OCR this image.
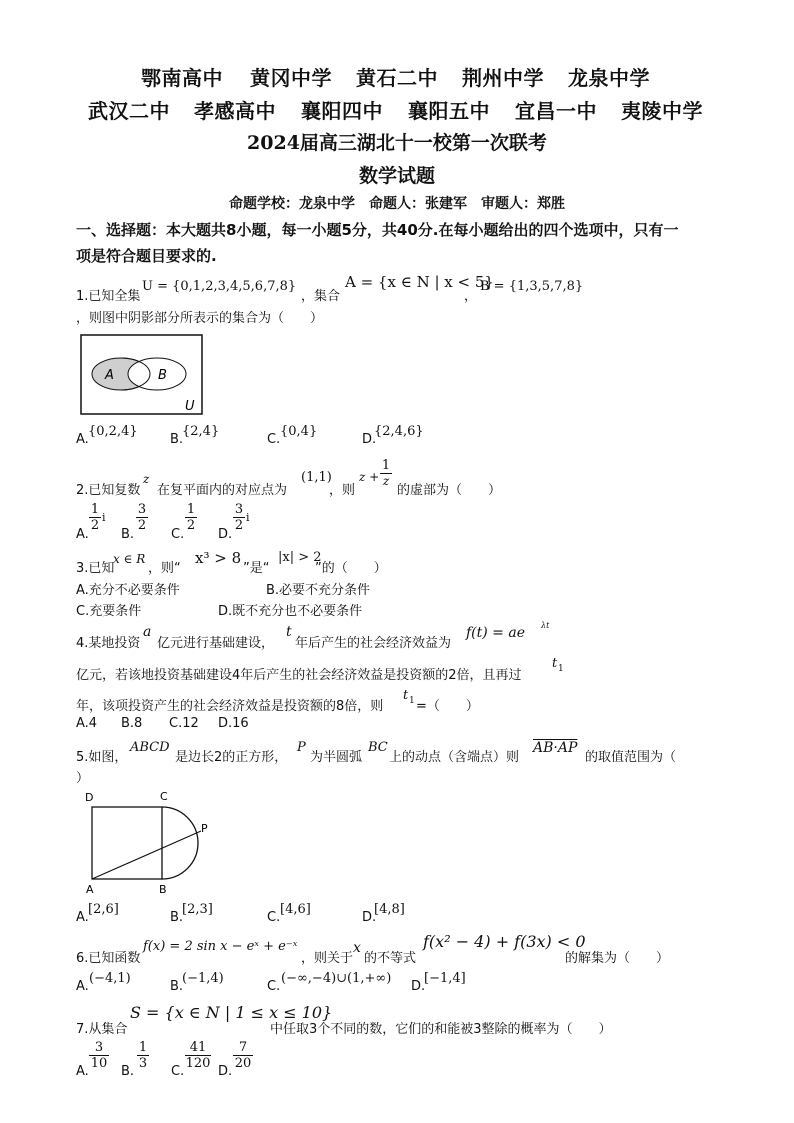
鄂南高中 黄冈中学 黄石二中 荆州中学 龙泉中学
武汉二中 孝感高中 襄阳四中 襄阳五中 宜昌一中 夷陵中学
2024届高三湖北十一校第一次联考
数学试题
命题学校：龙泉中学　命题人：张建军　审题人：郑胜
一、选择题：本大题共8小题，每一小题5分，共40分.在每小题给出的四个选项中，只有一
项是符合题目要求的.
1.已知全集
U = {0,1,2,3,4,5,6,7,8}
，集合
A = {x ∈ N | x < 5}
，
B = {1,3,5,7,8}
，则图中阴影部分所表示的集合为（　　）
A	B
U
A.
{0,2,4}
B.
{2,4}
C.
{0,4}
D.
{2,4,6}
2.已知复数
z
在复平面内的对应点为
(1,1)
，则
$z + \frac{1}{z}$
的虚部为（　　）
A.
$\frac{1}{2}$ i
B.
$\frac{3}{2}$
C.
$\frac{1}{2}$
D.
$\frac{3}{2}$ i
3.已知
x ∈ R
，则“
x³ > 8
”是“
|x| > 2
”的（　　）
A.充分不必要条件	B.必要不充分条件
C.充要条件	D.既不充分也不必要条件
4.某地投资
a
亿元进行基础建设，
t
年后产生的社会经济效益为
f(t) = ae λt
亿元，若该地投资基础建设4年后产生的社会经济效益是投资额的2倍，且再过
t 1
年，该项投资产生的社会经济效益是投资额的8倍，则
t 1 =（　　）
A.4 B.8 C.12 D.16
5.如图，
ABCD
是边长2的正方形，
P
为半圆弧
BC
上的动点（含端点）则
AB·AP
的取值范围为（
）
D	C
P
A	B
A.
[2,6]
B.
[2,3]
C.
[4,6]
D.
[4,8]
6.已知函数
f(x) = 2 sin x − eˣ + e⁻ˣ
，则关于
x
的不等式
f(x² − 4) + f(3x) < 0
的解集为（　　）
A.
(−4,1)
B.
(−1,4)
C.
(−∞,−4)∪(1,+∞)
D.
[−1,4]
7.从集合
S = {x ∈ N | 1 ≤ x ≤ 10}
中任取3个不同的数，它们的和能被3整除的概率为（　　）
A.
$\frac{3}{10}$
B.
$\frac{1}{3}$
C.
$\frac{41}{120}$
D.
$\frac{7}{20}$
